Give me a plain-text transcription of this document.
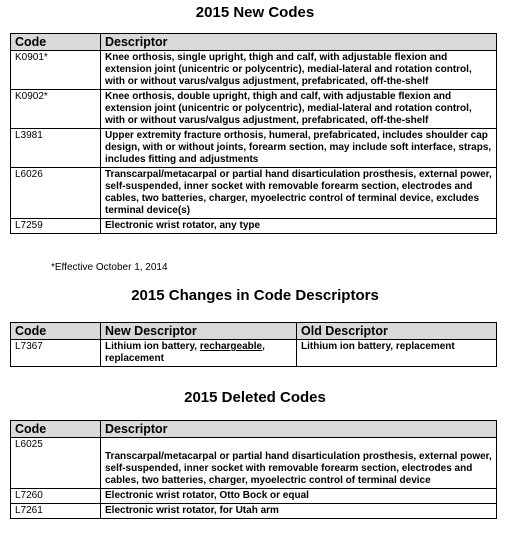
2015 New Codes
Code	Descriptor
K0901*	Knee orthosis, single upright, thigh and calf, with adjustable flexion and extension joint (unicentric or polycentric), medial-lateral and rotation control, with or without varus/valgus adjustment, prefabricated, off-the-shelf
K0902*	Knee orthosis, double upright, thigh and calf, with adjustable flexion and extension joint (unicentric or polycentric), medial-lateral and rotation control, with or without varus/valgus adjustment, prefabricated, off-the-shelf
L3981	Upper extremity fracture orthosis, humeral, prefabricated, includes shoulder cap design, with or without joints, forearm section, may include soft interface, straps, includes fitting and adjustments
L6026	Transcarpal/metacarpal or partial hand disarticulation prosthesis, external power, self-suspended, inner socket with removable forearm section, electrodes and cables, two batteries, charger, myoelectric control of terminal device, excludes terminal device(s)
L7259	Electronic wrist rotator, any type

*Effective October 1, 2014

2015 Changes in Code Descriptors
Code	New Descriptor	Old Descriptor
L7367	Lithium ion battery, rechargeable, replacement	Lithium ion battery, replacement
2015 Deleted Codes
Code	Descriptor
L6025	Transcarpal/metacarpal or partial hand disarticulation prosthesis, external power, self-suspended, inner socket with removable forearm section, electrodes and cables, two batteries, charger, myoelectric control of terminal device
L7260	Electronic wrist rotator, Otto Bock or equal
L7261	Electronic wrist rotator, for Utah arm
